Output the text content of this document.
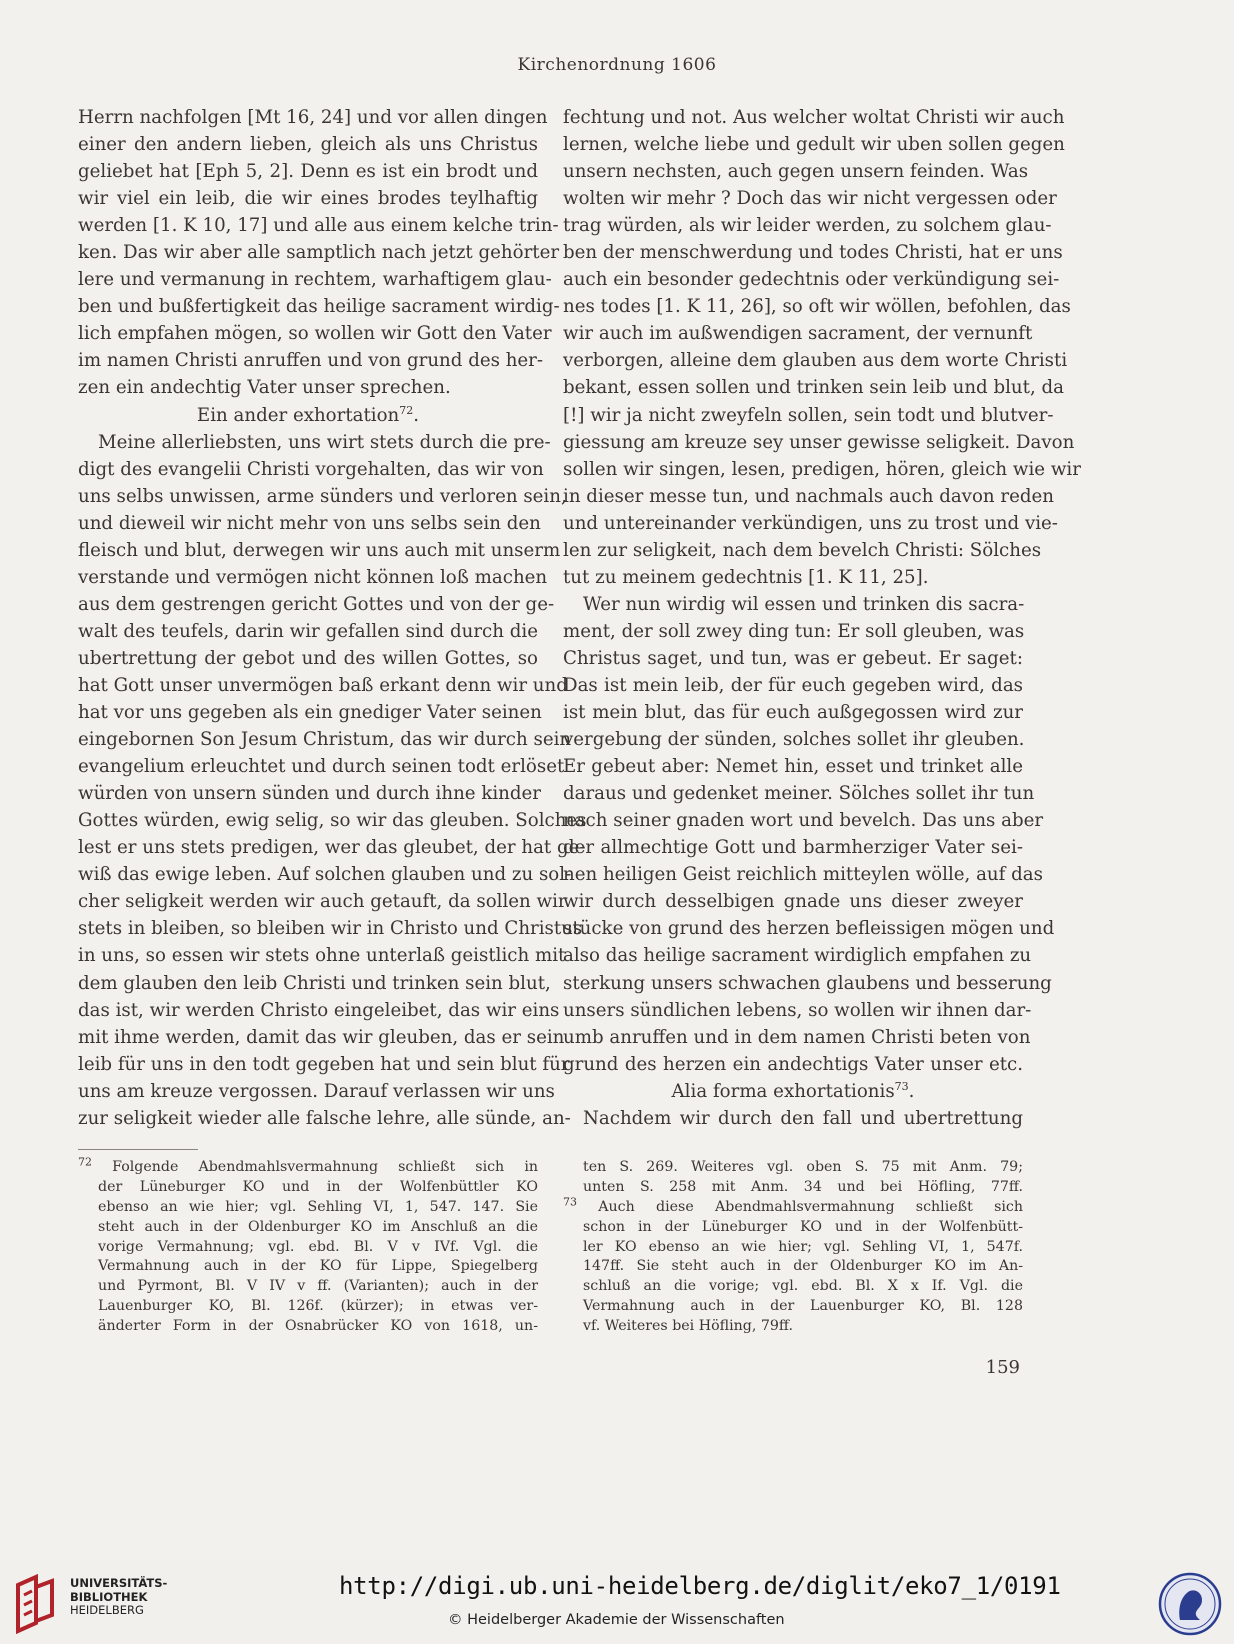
Kirchenordnung 1606
Herrn nachfolgen [Mt 16, 24] und vor allen dingen
einer den andern lieben, gleich als uns Christus
geliebet hat [Eph 5, 2]. Denn es ist ein brodt und
wir viel ein leib, die wir eines brodes teylhaftig
werden [1. K 10, 17] und alle aus einem kelche trin-
ken. Das wir aber alle samptlich nach jetzt gehörter
lere und vermanung in rechtem, warhaftigem glau-
ben und bußfertigkeit das heilige sacrament wirdig-
lich empfahen mögen, so wollen wir Gott den Vater
im namen Christi anruffen und von grund des her-
zen ein andechtig Vater unser sprechen.
Ein ander exhortation$^{72}$.
Meine allerliebsten, uns wirt stets durch die pre-
digt des evangelii Christi vorgehalten, das wir von
uns selbs unwissen, arme sünders und verloren sein,
und dieweil wir nicht mehr von uns selbs sein den
fleisch und blut, derwegen wir uns auch mit unserm
verstande und vermögen nicht können loß machen
aus dem gestrengen gericht Gottes und von der ge-
walt des teufels, darin wir gefallen sind durch die
ubertrettung der gebot und des willen Gottes, so
hat Gott unser unvermögen baß erkant denn wir und
hat vor uns gegeben als ein gnediger Vater seinen
eingebornen Son Jesum Christum, das wir durch sein
evangelium erleuchtet und durch seinen todt erlöset
würden von unsern sünden und durch ihne kinder
Gottes würden, ewig selig, so wir das gleuben. Solches
lest er uns stets predigen, wer das gleubet, der hat ge-
wiß das ewige leben. Auf solchen glauben und zu sol-
cher seligkeit werden wir auch getauft, da sollen wir
stets in bleiben, so bleiben wir in Christo und Christus
in uns, so essen wir stets ohne unterlaß geistlich mit
dem glauben den leib Christi und trinken sein blut,
das ist, wir werden Christo eingeleibet, das wir eins
mit ihme werden, damit das wir gleuben, das er sein
leib für uns in den todt gegeben hat und sein blut für
uns am kreuze vergossen. Darauf verlassen wir uns
zur seligkeit wieder alle falsche lehre, alle sünde, an-
fechtung und not. Aus welcher woltat Christi wir auch
lernen, welche liebe und gedult wir uben sollen gegen
unsern nechsten, auch gegen unsern feinden. Was
wolten wir mehr ? Doch das wir nicht vergessen oder
trag würden, als wir leider werden, zu solchem glau-
ben der menschwerdung und todes Christi, hat er uns
auch ein besonder gedechtnis oder verkündigung sei-
nes todes [1. K 11, 26], so oft wir wöllen, befohlen, das
wir auch im außwendigen sacrament, der vernunft
verborgen, alleine dem glauben aus dem worte Christi
bekant, essen sollen und trinken sein leib und blut, da
[!] wir ja nicht zweyfeln sollen, sein todt und blutver-
giessung am kreuze sey unser gewisse seligkeit. Davon
sollen wir singen, lesen, predigen, hören, gleich wie wir
in dieser messe tun, und nachmals auch davon reden
und untereinander verkündigen, uns zu trost und vie-
len zur seligkeit, nach dem bevelch Christi: Sölches
tut zu meinem gedechtnis [1. K 11, 25].
Wer nun wirdig wil essen und trinken dis sacra-
ment, der soll zwey ding tun: Er soll gleuben, was
Christus saget, und tun, was er gebeut. Er saget:
Das ist mein leib, der für euch gegeben wird, das
ist mein blut, das für euch außgegossen wird zur
vergebung der sünden, solches sollet ihr gleuben.
Er gebeut aber: Nemet hin, esset und trinket alle
daraus und gedenket meiner. Sölches sollet ihr tun
nach seiner gnaden wort und bevelch. Das uns aber
der allmechtige Gott und barmherziger Vater sei-
nen heiligen Geist reichlich mitteylen wölle, auf das
wir durch desselbigen gnade uns dieser zweyer
stücke von grund des herzen befleissigen mögen und
also das heilige sacrament wirdiglich empfahen zu
sterkung unsers schwachen glaubens und besserung
unsers sündlichen lebens, so wollen wir ihnen dar-
umb anruffen und in dem namen Christi beten von
grund des herzen ein andechtigs Vater unser etc.
Alia forma exhortationis$^{73}$.
Nachdem wir durch den fall und ubertrettung
$^{72}$ Folgende Abendmahlsvermahnung schließt sich in
der Lüneburger KO und in der Wolfenbüttler KO
ebenso an wie hier; vgl. Sehling VI, 1, 547. 147. Sie
steht auch in der Oldenburger KO im Anschluß an die
vorige Vermahnung; vgl. ebd. Bl. V v IVf. Vgl. die
Vermahnung auch in der KO für Lippe, Spiegelberg
und Pyrmont, Bl. V IV v ff. (Varianten); auch in der
Lauenburger KO, Bl. 126f. (kürzer); in etwas ver-
änderter Form in der Osnabrücker KO von 1618, un-
ten S. 269. Weiteres vgl. oben S. 75 mit Anm. 79;
unten S. 258 mit Anm. 34 und bei Höfling, 77ff.
$^{73}$ Auch diese Abendmahlsvermahnung schließt sich
schon in der Lüneburger KO und in der Wolfenbütt-
ler KO ebenso an wie hier; vgl. Sehling VI, 1, 547f.
147ff. Sie steht auch in der Oldenburger KO im An-
schluß an die vorige; vgl. ebd. Bl. X x If. Vgl. die
Vermahnung auch in der Lauenburger KO, Bl. 128
vf. Weiteres bei Höfling, 79ff.
159
UNIVERSITÄTS-
BIBLIOTHEK
HEIDELBERG
http://digi.ub.uni-heidelberg.de/diglit/eko7_1/0191
© Heidelberger Akademie der Wissenschaften
